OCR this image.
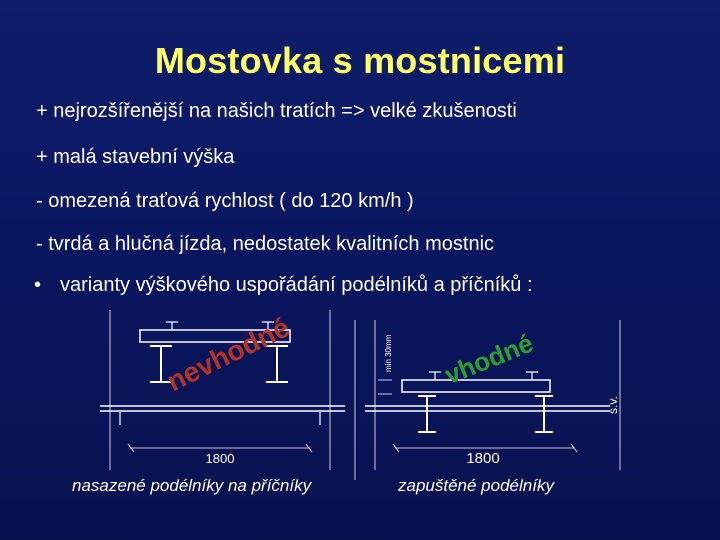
Mostovka s mostnicemi
+ nejrozšířenější na našich tratích => velké zkušenosti
+ malá stavební výška
- omezená traťová rychlost ( do 120 km/h )
- tvrdá a hlučná jízda, nedostatek kvalitních mostnic
• varianty výškového uspořádání podélníků a příčníků :
1800	1800
min 30mm
s.v.
nevhodné	vhodné
nasazené podélníky na příčníky	zapuštěné podélníky
